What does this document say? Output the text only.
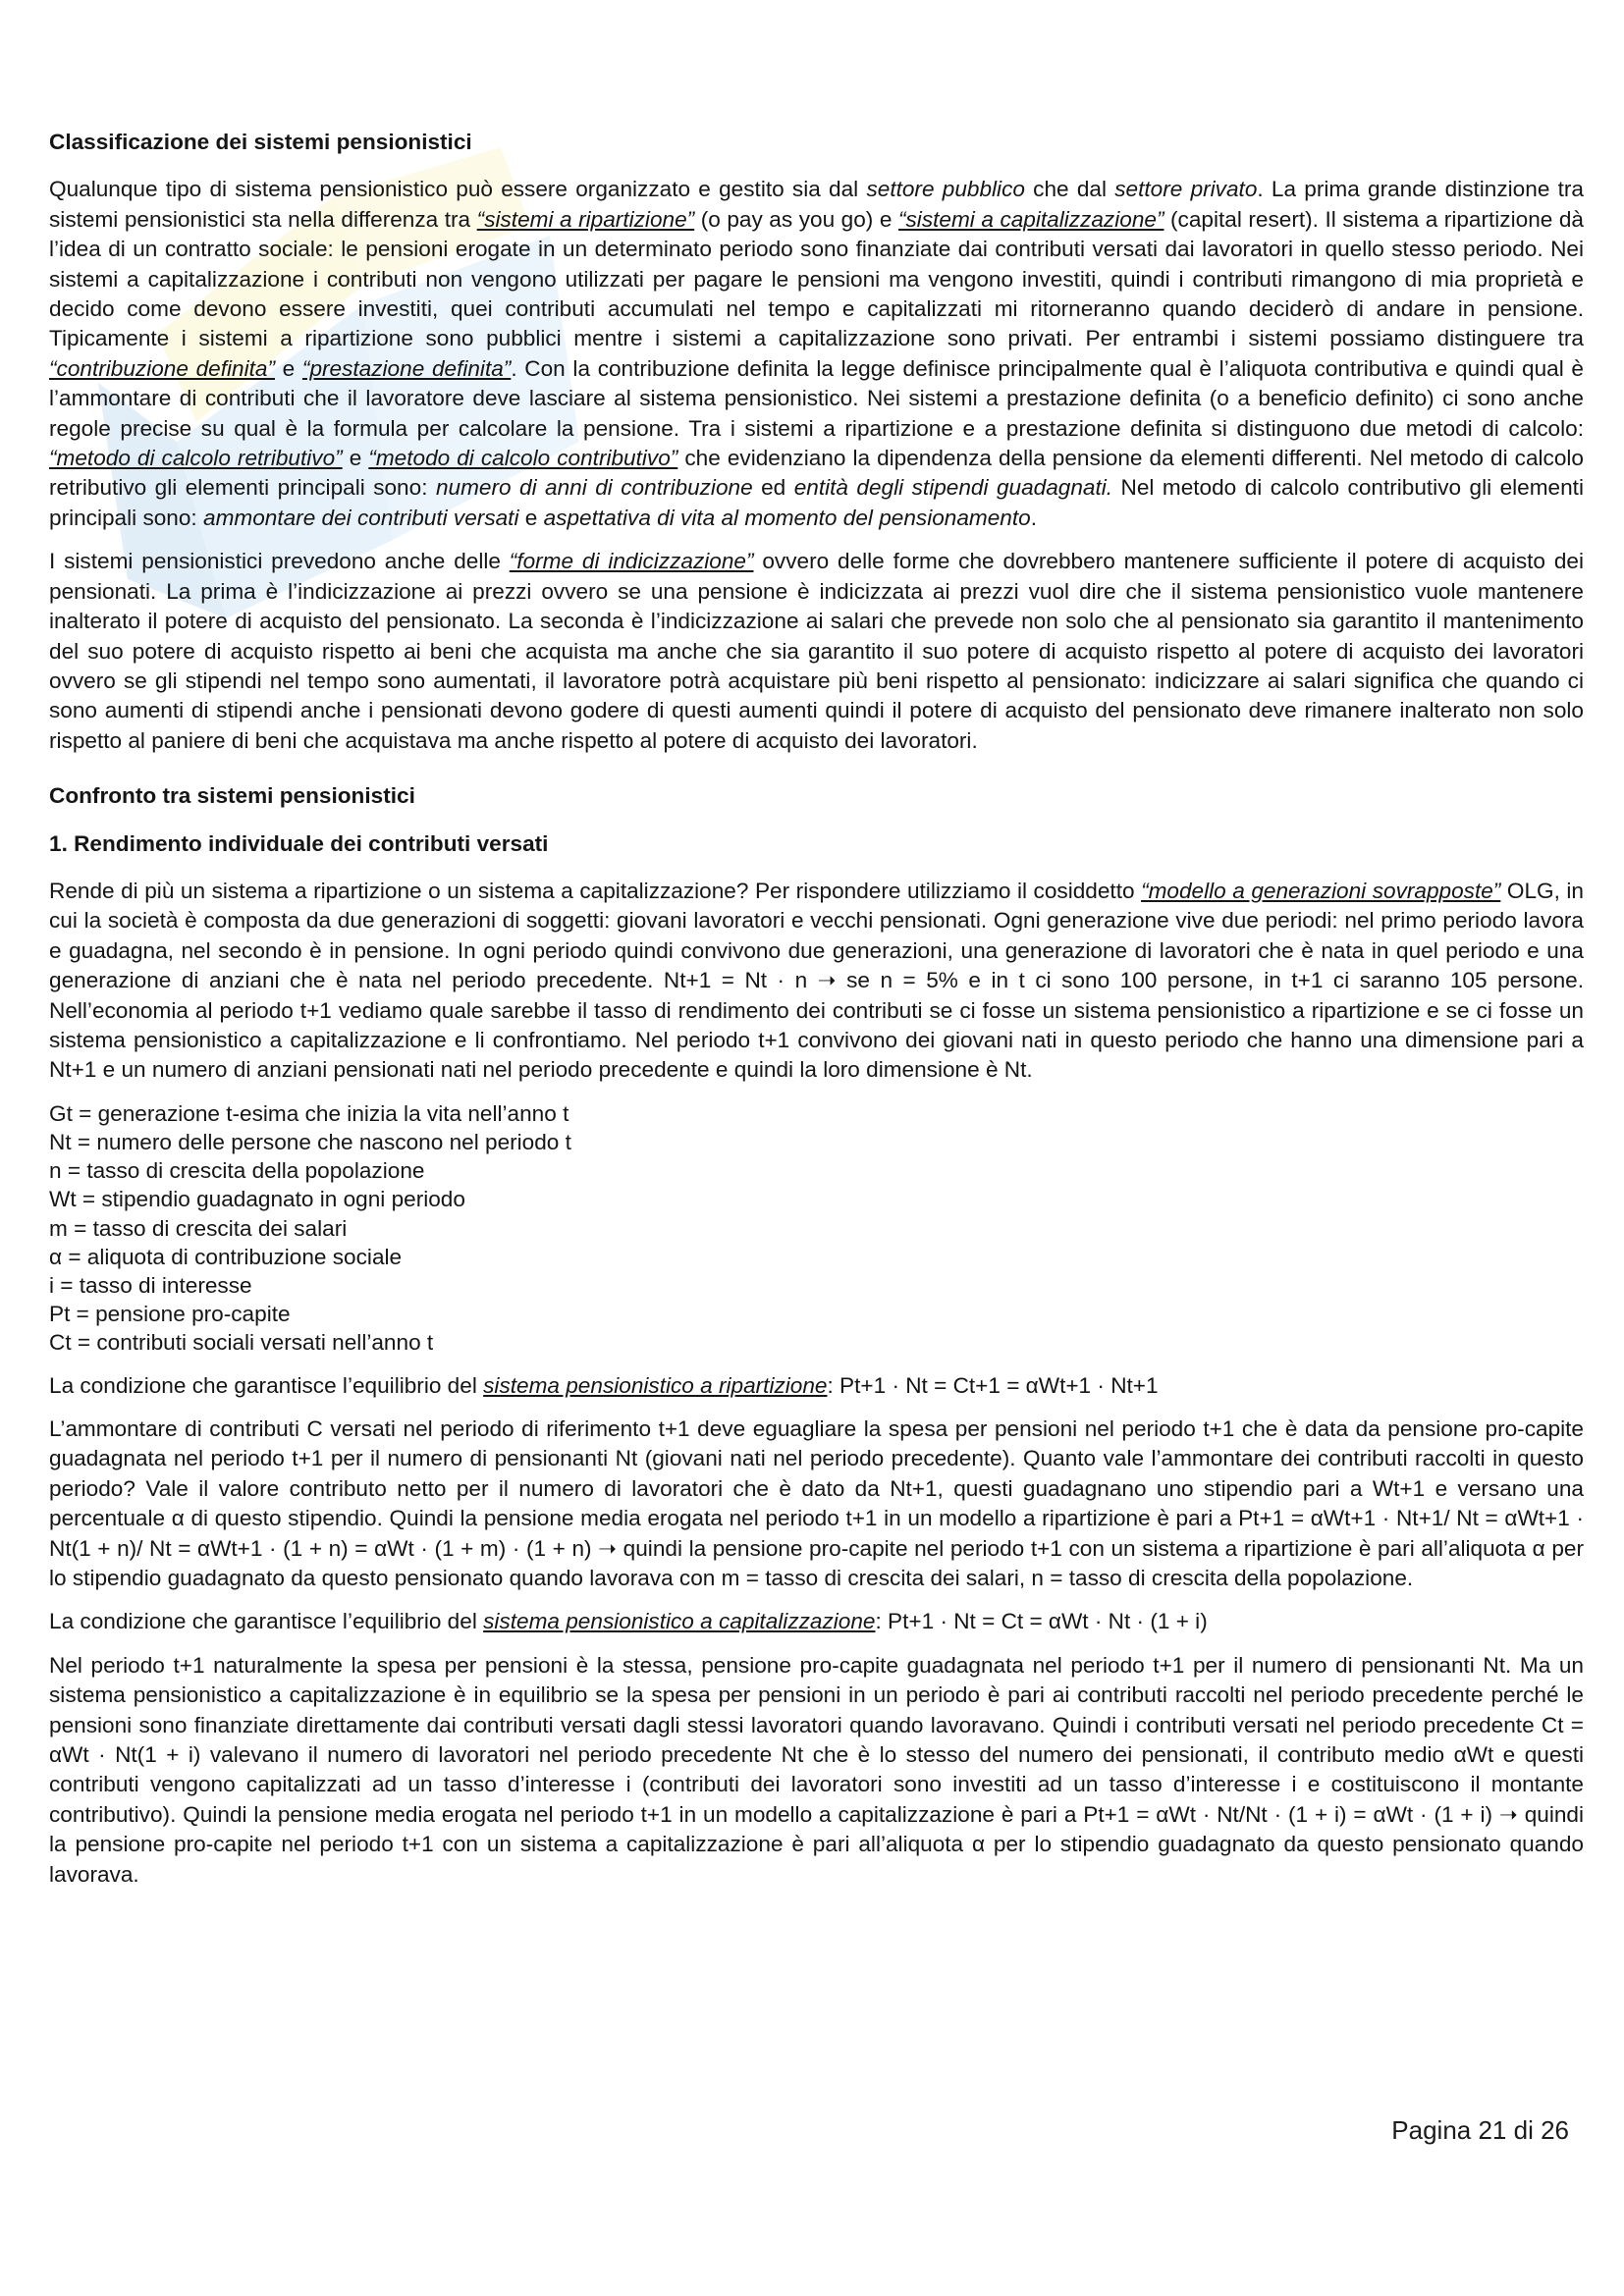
Classificazione dei sistemi pensionistici

Qualunque tipo di sistema pensionistico può essere organizzato e gestito sia dal settore pubblico che dal settore privato. La prima grande distinzione tra sistemi pensionistici sta nella differenza tra “sistemi a ripartizione” (o pay as you go) e “sistemi a capitalizzazione” (capital resert). Il sistema a ripartizione dà l’idea di un contratto sociale: le pensioni erogate in un determinato periodo sono finanziate dai contributi versati dai lavoratori in quello stesso periodo. Nei sistemi a capitalizzazione i contributi non vengono utilizzati per pagare le pensioni ma vengono investiti, quindi i contributi rimangono di mia proprietà e decido come devono essere investiti, quei contributi accumulati nel tempo e capitalizzati mi ritorneranno quando deciderò di andare in pensione. Tipicamente i sistemi a ripartizione sono pubblici mentre i sistemi a capitalizzazione sono privati. Per entrambi i sistemi possiamo distinguere tra “contribuzione definita” e “prestazione definita”. Con la contribuzione definita la legge definisce principalmente qual è l’aliquota contributiva e quindi qual è l’ammontare di contributi che il lavoratore deve lasciare al sistema pensionistico. Nei sistemi a prestazione definita (o a beneficio definito) ci sono anche regole precise su qual è la formula per calcolare la pensione. Tra i sistemi a ripartizione e a prestazione definita si distinguono due metodi di calcolo: “metodo di calcolo retributivo” e “metodo di calcolo contributivo” che evidenziano la dipendenza della pensione da elementi differenti. Nel metodo di calcolo retributivo gli elementi principali sono: numero di anni di contribuzione ed entità degli stipendi guadagnati. Nel metodo di calcolo contributivo gli elementi principali sono: ammontare dei contributi versati e aspettativa di vita al momento del pensionamento.

I sistemi pensionistici prevedono anche delle “forme di indicizzazione” ovvero delle forme che dovrebbero mantenere sufficiente il potere di acquisto dei pensionati. La prima è l’indicizzazione ai prezzi ovvero se una pensione è indicizzata ai prezzi vuol dire che il sistema pensionistico vuole mantenere inalterato il potere di acquisto del pensionato. La seconda è l’indicizzazione ai salari che prevede non solo che al pensionato sia garantito il mantenimento del suo potere di acquisto rispetto ai beni che acquista ma anche che sia garantito il suo potere di acquisto rispetto al potere di acquisto dei lavoratori ovvero se gli stipendi nel tempo sono aumentati, il lavoratore potrà acquistare più beni rispetto al pensionato: indicizzare ai salari significa che quando ci sono aumenti di stipendi anche i pensionati devono godere di questi aumenti quindi il potere di acquisto del pensionato deve rimanere inalterato non solo rispetto al paniere di beni che acquistava ma anche rispetto al potere di acquisto dei lavoratori.

Confronto tra sistemi pensionistici
1. Rendimento individuale dei contributi versati

Rende di più un sistema a ripartizione o un sistema a capitalizzazione? Per rispondere utilizziamo il cosiddetto “modello a generazioni sovrapposte” OLG, in cui la società è composta da due generazioni di soggetti: giovani lavoratori e vecchi pensionati. Ogni generazione vive due periodi: nel primo periodo lavora e guadagna, nel secondo è in pensione. In ogni periodo quindi convivono due generazioni, una generazione di lavoratori che è nata in quel periodo e una generazione di anziani che è nata nel periodo precedente. Nt+1 = Nt · n ➝ se n = 5% e in t ci sono 100 persone, in t+1 ci saranno 105 persone. Nell’economia al periodo t+1 vediamo quale sarebbe il tasso di rendimento dei contributi se ci fosse un sistema pensionistico a ripartizione e se ci fosse un sistema pensionistico a capitalizzazione e li confrontiamo. Nel periodo t+1 convivono dei giovani nati in questo periodo che hanno una dimensione pari a Nt+1 e un numero di anziani pensionati nati nel periodo precedente e quindi la loro dimensione è Nt.

Gt = generazione t-esima che inizia la vita nell’anno t
Nt = numero delle persone che nascono nel periodo t
n = tasso di crescita della popolazione
Wt = stipendio guadagnato in ogni periodo
m = tasso di crescita dei salari
α = aliquota di contribuzione sociale
i = tasso di interesse
Pt = pensione pro-capite
Ct = contributi sociali versati nell’anno t

La condizione che garantisce l’equilibrio del sistema pensionistico a ripartizione: Pt+1 · Nt = Ct+1 = αWt+1 · Nt+1

L’ammontare di contributi C versati nel periodo di riferimento t+1 deve eguagliare la spesa per pensioni nel periodo t+1 che è data da pensione pro-capite guadagnata nel periodo t+1 per il numero di pensionanti Nt (giovani nati nel periodo precedente). Quanto vale l’ammontare dei contributi raccolti in questo periodo? Vale il valore contributo netto per il numero di lavoratori che è dato da Nt+1, questi guadagnano uno stipendio pari a Wt+1 e versano una percentuale α di questo stipendio. Quindi la pensione media erogata nel periodo t+1 in un modello a ripartizione è pari a Pt+1 = αWt+1 · Nt+1/ Nt = αWt+1 · Nt(1 + n)/ Nt = αWt+1 · (1 + n) = αWt · (1 + m) · (1 + n) ➝ quindi la pensione pro-capite nel periodo t+1 con un sistema a ripartizione è pari all’aliquota α per lo stipendio guadagnato da questo pensionato quando lavorava con m = tasso di crescita dei salari, n = tasso di crescita della popolazione.

La condizione che garantisce l’equilibrio del sistema pensionistico a capitalizzazione: Pt+1 · Nt = Ct = αWt · Nt · (1 + i)

Nel periodo t+1 naturalmente la spesa per pensioni è la stessa, pensione pro-capite guadagnata nel periodo t+1 per il numero di pensionanti Nt. Ma un sistema pensionistico a capitalizzazione è in equilibrio se la spesa per pensioni in un periodo è pari ai contributi raccolti nel periodo precedente perché le pensioni sono finanziate direttamente dai contributi versati dagli stessi lavoratori quando lavoravano. Quindi i contributi versati nel periodo precedente Ct = αWt · Nt(1 + i) valevano il numero di lavoratori nel periodo precedente Nt che è lo stesso del numero dei pensionati, il contributo medio αWt e questi contributi vengono capitalizzati ad un tasso d’interesse i (contributi dei lavoratori sono investiti ad un tasso d’interesse i e costituiscono il montante contributivo). Quindi la pensione media erogata nel periodo t+1 in un modello a capitalizzazione è pari a Pt+1 = αWt · Nt/Nt · (1 + i) = αWt · (1 + i) ➝ quindi la pensione pro-capite nel periodo t+1 con un sistema a capitalizzazione è pari all’aliquota α per lo stipendio guadagnato da questo pensionato quando lavorava.

Pagina 21 di 26
